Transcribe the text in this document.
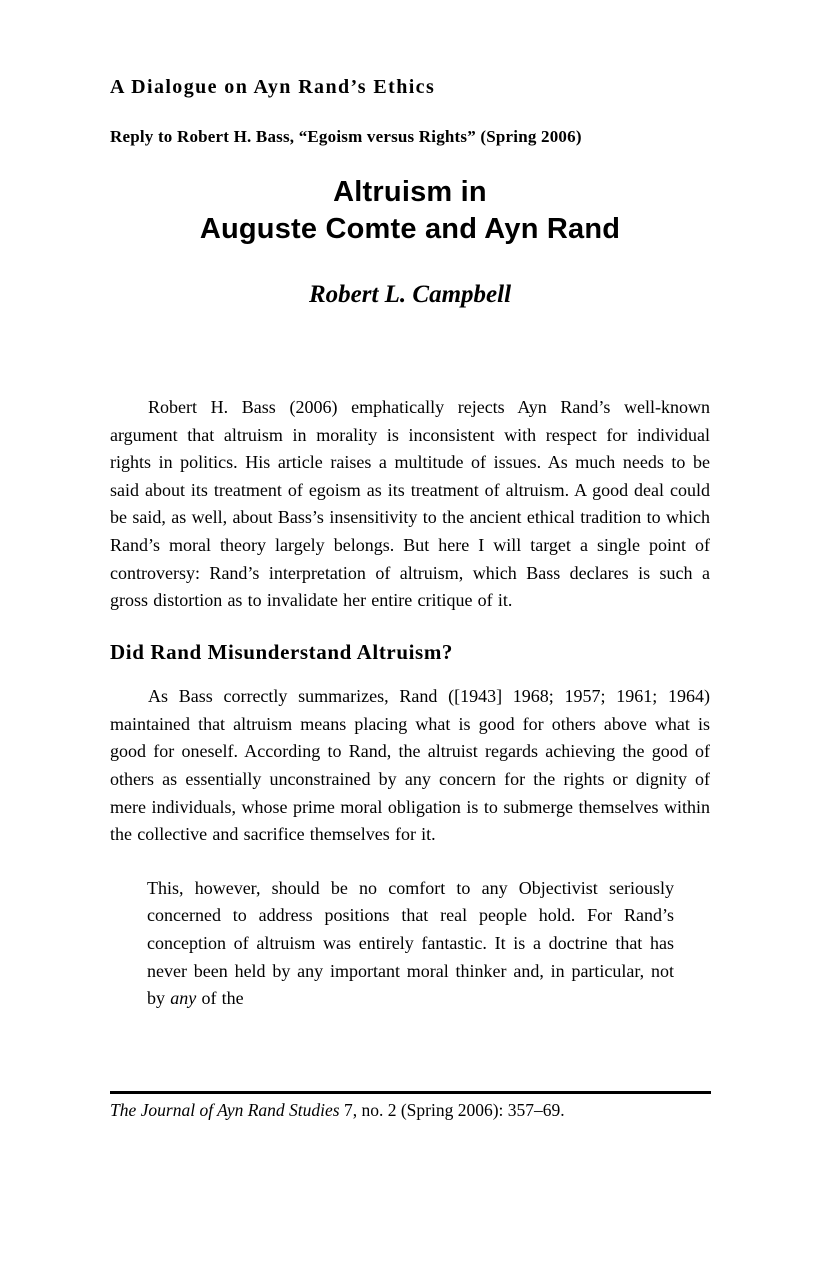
A Dialogue on Ayn Rand’s Ethics
Reply to Robert H. Bass, “Egoism versus Rights” (Spring 2006)
Altruism in
Auguste Comte and Ayn Rand
Robert L. Campbell

Robert H. Bass (2006) emphatically rejects Ayn Rand’s well-known argument that altruism in morality is inconsistent with respect for individual rights in politics. His article raises a multitude of issues. As much needs to be said about its treatment of egoism as its treatment of altruism. A good deal could be said, as well, about Bass’s insensitivity to the ancient ethical tradition to which Rand’s moral theory largely belongs. But here I will target a single point of controversy: Rand’s interpretation of altruism, which Bass declares is such a gross distortion as to invalidate her entire critique of it.

Did Rand Misunderstand Altruism?

As Bass correctly summarizes, Rand ([1943] 1968; 1957; 1961; 1964) maintained that altruism means placing what is good for others above what is good for oneself. According to Rand, the altruist regards achieving the good of others as essentially unconstrained by any concern for the rights or dignity of mere individuals, whose prime moral obligation is to submerge themselves within the collective and sacrifice themselves for it.

This, however, should be no comfort to any Objectivist seriously concerned to address positions that real people hold. For Rand’s conception of altruism was entirely fantastic. It is a doctrine that has never been held by any important moral thinker and, in particular, not by any of the
The Journal of Ayn Rand Studies 7, no. 2 (Spring 2006): 357–69.
